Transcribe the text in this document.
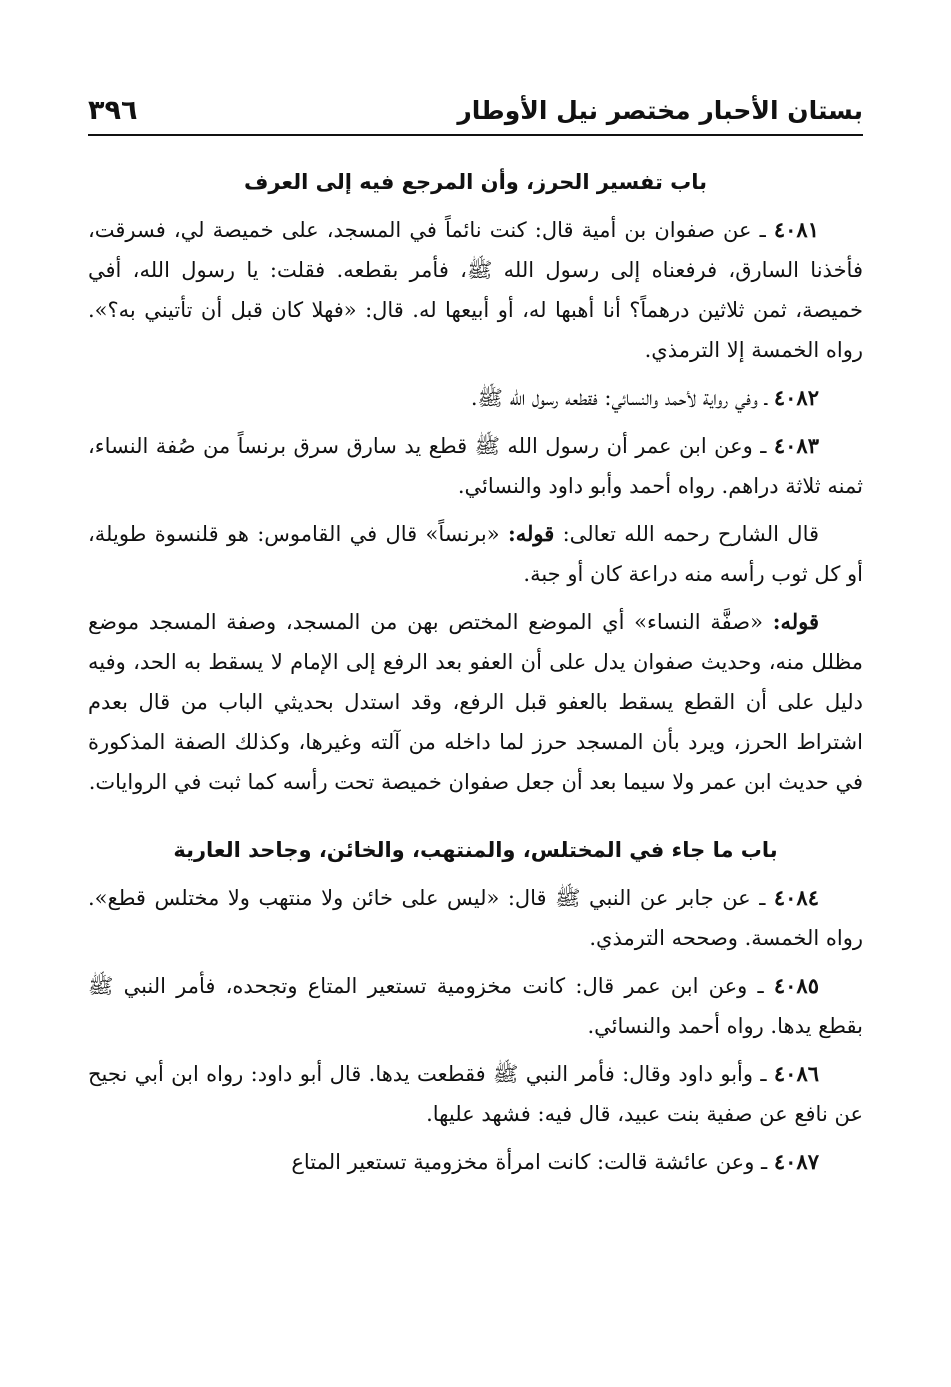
بستان الأحبار مختصر نيل الأوطار
٣٩٦
باب تفسير الحرز، وأن المرجع فيه إلى العرف

٤٠٨١ ـ عن صفوان بن أمية قال: كنت نائماً في المسجد، على خميصة لي، فسرقت، فأخذنا السارق، فرفعناه إلى رسول الله ﷺ، فأمر بقطعه. فقلت: يا رسول الله، أفي خميصة، ثمن ثلاثين درهماً؟ أنا أهبها له، أو أبيعها له. قال: «فهلا كان قبل أن تأتيني به؟». رواه الخمسة إلا الترمذي.

٤٠٨٢ ـ وفي رواية لأحمد والنسائي: فقطعه رسول الله ﷺ.

٤٠٨٣ ـ وعن ابن عمر أن رسول الله ﷺ قطع يد سارق سرق برنساً من صُفة النساء، ثمنه ثلاثة دراهم. رواه أحمد وأبو داود والنسائي.

قال الشارح رحمه الله تعالى: قوله: «برنساً» قال في القاموس: هو قلنسوة طويلة، أو كل ثوب رأسه منه دراعة كان أو جبة.

قوله: «صفَّة النساء» أي الموضع المختص بهن من المسجد، وصفة المسجد موضع مظلل منه، وحديث صفوان يدل على أن العفو بعد الرفع إلى الإمام لا يسقط به الحد، وفيه دليل على أن القطع يسقط بالعفو قبل الرفع، وقد استدل بحديثي الباب من قال بعدم اشتراط الحرز، ويرد بأن المسجد حرز لما داخله من آلته وغيرها، وكذلك الصفة المذكورة في حديث ابن عمر ولا سيما بعد أن جعل صفوان خميصة تحت رأسه كما ثبت في الروايات.

باب ما جاء في المختلس، والمنتهب، والخائن، وجاحد العارية

٤٠٨٤ ـ عن جابر عن النبي ﷺ قال: «ليس على خائن ولا منتهب ولا مختلس قطع». رواه الخمسة. وصححه الترمذي.

٤٠٨٥ ـ وعن ابن عمر قال: كانت مخزومية تستعير المتاع وتجحده، فأمر النبي ﷺ بقطع يدها. رواه أحمد والنسائي.

٤٠٨٦ ـ وأبو داود وقال: فأمر النبي ﷺ فقطعت يدها. قال أبو داود: رواه ابن أبي نجيح عن نافع عن صفية بنت عبيد، قال فيه: فشهد عليها.

٤٠٨٧ ـ وعن عائشة قالت: كانت امرأة مخزومية تستعير المتاع
